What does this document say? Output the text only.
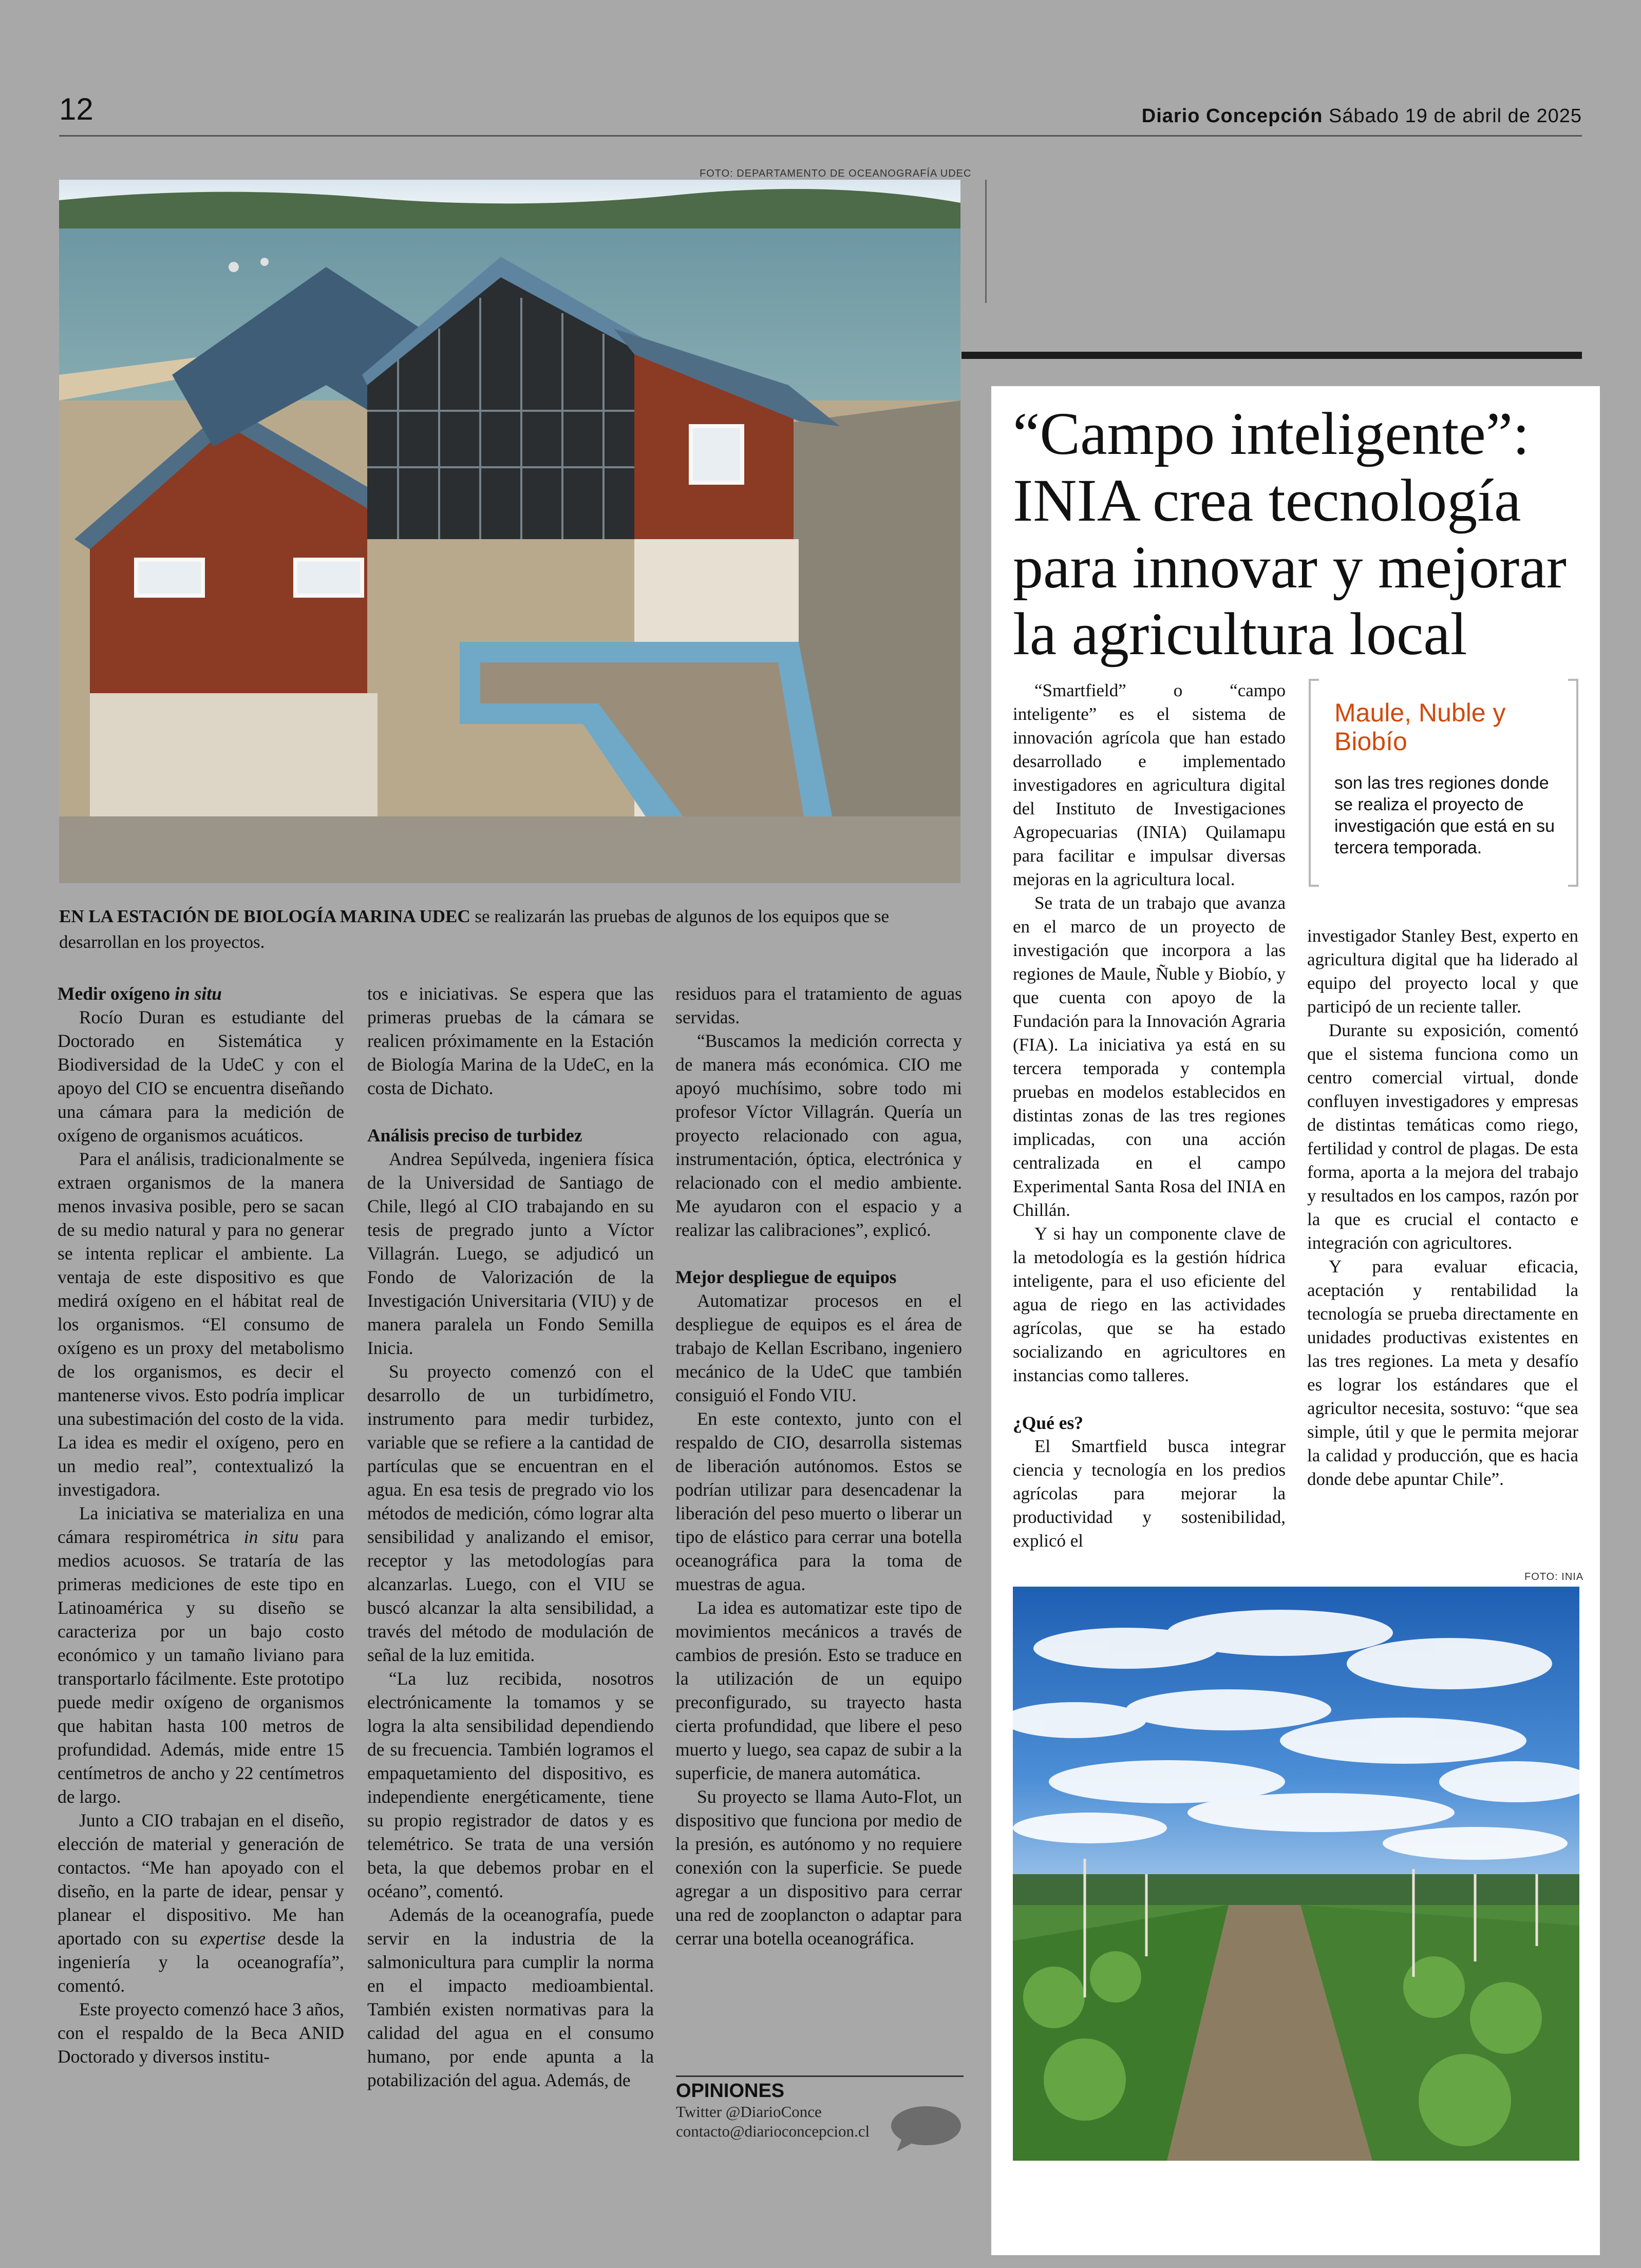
12	Diario Concepción Sábado 19 de abril de 2025
FOTO: DEPARTAMENTO DE OCEANOGRAFÍA UDEC
EN LA ESTACIÓN DE BIOLOGÍA MARINA UDEC se realizarán las pruebas de algunos de los equipos que se desarrollan en los proyectos.
Medir oxígeno in situ

Rocío Duran es estudiante del Doctorado en Sistemática y Biodiversidad de la UdeC y con el apoyo del CIO se encuentra diseñando una cámara para la medición de oxígeno de organismos acuáticos.

Para el análisis, tradicionalmente se extraen organismos de la manera menos invasiva posible, pero se sacan de su medio natural y para no generar se intenta replicar el ambiente. La ventaja de este dispositivo es que medirá oxígeno en el hábitat real de los organismos. “El consumo de oxígeno es un proxy del metabolismo de los organismos, es decir el mantenerse vivos. Esto podría implicar una subestimación del costo de la vida. La idea es medir el oxígeno, pero en un medio real”, contextualizó la investigadora.

La iniciativa se materializa en una cámara respirométrica in situ para medios acuosos. Se trataría de las primeras mediciones de este tipo en Latinoamérica y su diseño se caracteriza por un bajo costo económico y un tamaño liviano para transportarlo fácilmente. Este prototipo puede medir oxígeno de organismos que habitan hasta 100 metros de profundidad. Además, mide entre 15 centímetros de ancho y 22 centímetros de largo.

Junto a CIO trabajan en el diseño, elección de material y generación de contactos. “Me han apoyado con el diseño, en la parte de idear, pensar y planear el dispositivo. Me han aportado con su expertise desde la ingeniería y la oceanografía”, comentó.

Este proyecto comenzó hace 3 años, con el respaldo de la Beca ANID Doctorado y diversos institu-

tos e iniciativas. Se espera que las primeras pruebas de la cámara se realicen próximamente en la Estación de Biología Marina de la UdeC, en la costa de Dichato.

Análisis preciso de turbidez

Andrea Sepúlveda, ingeniera física de la Universidad de Santiago de Chile, llegó al CIO trabajando en su tesis de pregrado junto a Víctor Villagrán. Luego, se adjudicó un Fondo de Valorización de la Investigación Universitaria (VIU) y de manera paralela un Fondo Semilla Inicia.

Su proyecto comenzó con el desarrollo de un turbidímetro, instrumento para medir turbidez, variable que se refiere a la cantidad de partículas que se encuentran en el agua. En esa tesis de pregrado vio los métodos de medición, cómo lograr alta sensibilidad y analizando el emisor, receptor y las metodologías para alcanzarlas. Luego, con el VIU se buscó alcanzar la alta sensibilidad, a través del método de modulación de señal de la luz emitida.

“La luz recibida, nosotros electrónicamente la tomamos y se logra la alta sensibilidad dependiendo de su frecuencia. También logramos el empaquetamiento del dispositivo, es independiente energéticamente, tiene su propio registrador de datos y es telemétrico. Se trata de una versión beta, la que debemos probar en el océano”, comentó.

Además de la oceanografía, puede servir en la industria de la salmonicultura para cumplir la norma en el impacto medioambiental. También existen normativas para la calidad del agua en el consumo humano, por ende apunta a la potabilización del agua. Además, de

residuos para el tratamiento de aguas servidas.

“Buscamos la medición correcta y de manera más económica. CIO me apoyó muchísimo, sobre todo mi profesor Víctor Villagrán. Quería un proyecto relacionado con agua, instrumentación, óptica, electrónica y relacionado con el medio ambiente. Me ayudaron con el espacio y a realizar las calibraciones”, explicó.

Mejor despliegue de equipos

Automatizar procesos en el despliegue de equipos es el área de trabajo de Kellan Escribano, ingeniero mecánico de la UdeC que también consiguió el Fondo VIU.

En este contexto, junto con el respaldo de CIO, desarrolla sistemas de liberación autónomos. Estos se podrían utilizar para desencadenar la liberación del peso muerto o liberar un tipo de elástico para cerrar una botella oceanográfica para la toma de muestras de agua.

La idea es automatizar este tipo de movimientos mecánicos a través de cambios de presión. Esto se traduce en la utilización de un equipo preconfigurado, su trayecto hasta cierta profundidad, que libere el peso muerto y luego, sea capaz de subir a la superficie, de manera automática.

Su proyecto se llama Auto-Flot, un dispositivo que funciona por medio de la presión, es autónomo y no requiere conexión con la superficie. Se puede agregar a un dispositivo para cerrar una red de zooplancton o adaptar para cerrar una botella oceanográfica.

OPINIONES
Twitter @DiarioConce
contacto@diarioconcepcion.cl
“Campo inteligente”:
INIA crea tecnología
para innovar y mejorar
la agricultura local

“Smartfield” o “campo inteligente” es el sistema de innovación agrícola que han estado desarrollado e implementado investigadores en agricultura digital del Instituto de Investigaciones Agropecuarias (INIA) Quilamapu para facilitar e impulsar diversas mejoras en la agricultura local.

Se trata de un trabajo que avanza en el marco de un proyecto de investigación que incorpora a las regiones de Maule, Ñuble y Biobío, y que cuenta con apoyo de la Fundación para la Innovación Agraria (FIA). La iniciativa ya está en su tercera temporada y contempla pruebas en modelos establecidos en distintas zonas de las tres regiones implicadas, con una acción centralizada en el campo Experimental Santa Rosa del INIA en Chillán.

Y si hay un componente clave de la metodología es la gestión hídrica inteligente, para el uso eficiente del agua de riego en las actividades agrícolas, que se ha estado socializando en agricultores en instancias como talleres.

¿Qué es?

El Smartfield busca integrar ciencia y tecnología en los predios agrícolas para mejorar la productividad y sostenibilidad, explicó el

Maule, Nuble y Biobío
son las tres regiones donde se realiza el proyecto de investigación que está en su tercera temporada.

investigador Stanley Best, experto en agricultura digital que ha liderado al equipo del proyecto local y que participó de un reciente taller.

Durante su exposición, comentó que el sistema funciona como un centro comercial virtual, donde confluyen investigadores y empresas de distintas temáticas como riego, fertilidad y control de plagas. De esta forma, aporta a la mejora del trabajo y resultados en los campos, razón por la que es crucial el contacto e integración con agricultores.

Y para evaluar eficacia, aceptación y rentabilidad la tecnología se prueba directamente en unidades productivas existentes en las tres regiones. La meta y desafío es lograr los estándares que el agricultor necesita, sostuvo: “que sea simple, útil y que le permita mejorar la calidad y producción, que es hacia donde debe apuntar Chile”.

FOTO: INIA
